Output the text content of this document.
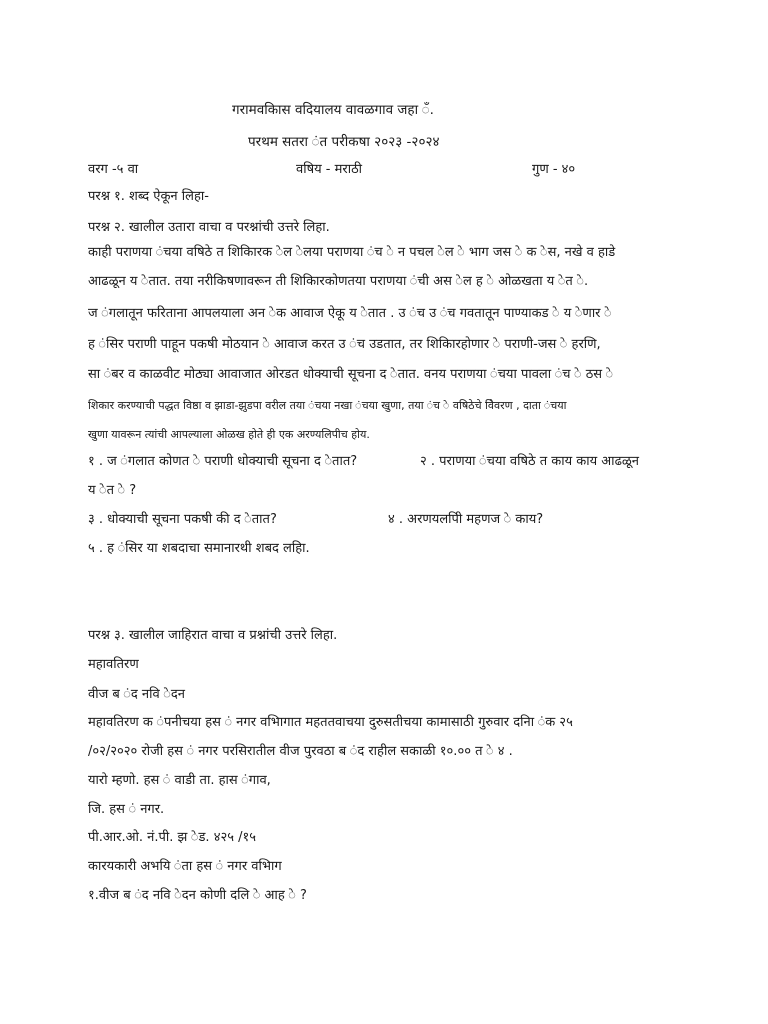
गरामवकिास वदियालय वावळगाव जहा ँ.
परथम सतरा ंत परीकषा २०२३ -२०२४
वरग -५ वा	वषिय - मराठी	गुण - ४०
परश्न १. शब्द ऐकून लिहा-
परश्न २. खालील उतारा वाचा व परश्नांची उत्तरे लिहा.
काही पराणया ंचया वषिठे त शिकिारक ेल ेलया पराणया ंच े न पचल ेल े भाग जस े क ेस, नखे व हाडे
आढळून य ेतात. तया नरीकिषणावरून ती शिकिारकोणतया पराणया ंची अस ेल ह े ओळखता य ेत े.
ज ंगलातून फरिताना आपलयाला अन ेक आवाज ऐकू य ेतात . उ ंच उ ंच गवतातून पाण्याकड े य ेणार े
ह ंसिर पराणी पाहून पकषी मोठयान े आवाज करत उ ंच उडतात, तर शिकिारहोणार े पराणी-जस े हरणि,
सा ंबर व काळवीट मोठ्या आवाजात ओरडत धोक्याची सूचना द ेतात. वनय पराणया ंचया पावला ंच े ठस े
शिकार करण्याची पद्धत विष्ठा व झाडा-झुडपा वरील तया ंचया नखा ंचया खुणा, तया ंच े वषिठेचे विेवरण , दाता ंचया
खुणा यावरून त्यांची आपल्याला ओळख होते ही एक अरण्यलिपीच होय.
१ . ज ंगलात कोणत े पराणी धोक्याची सूचना द ेतात?	२ . पराणया ंचया वषिठे त काय काय आढळून
य ेत े ?
३ . धोक्याची सूचना पकषी की द ेतात?	४ . अरणयलपिी महणज े काय?
५ . ह ंसिर या शबदाचा समानारथी शबद लहिा.
परश्न ३. खालील जाहिरात वाचा व प्रश्नांची उत्तरे लिहा.
महावतिरण
वीज ब ंद नवि ेदन
महावतिरण क ंपनीचया हस ं नगर वभिागात महततवाचया दुरुसतीचया कामासाठी गुरुवार दनिा ंक २५
/०२/२०२० रोजी हस ं नगर परसिरातील वीज पुरवठा ब ंद राहील सकाळी १०.०० त े ४ .
यारो म्हणो. हस ं वाडी ता. हास ंगाव,
जि. हस ं नगर.
पी.आर.ओ. नं.पी. झ ेड. ४२५ /१५
कारयकारी अभयि ंता हस ं नगर वभिाग
१.वीज ब ंद नवि ेदन कोणी दलि े आह े ?
